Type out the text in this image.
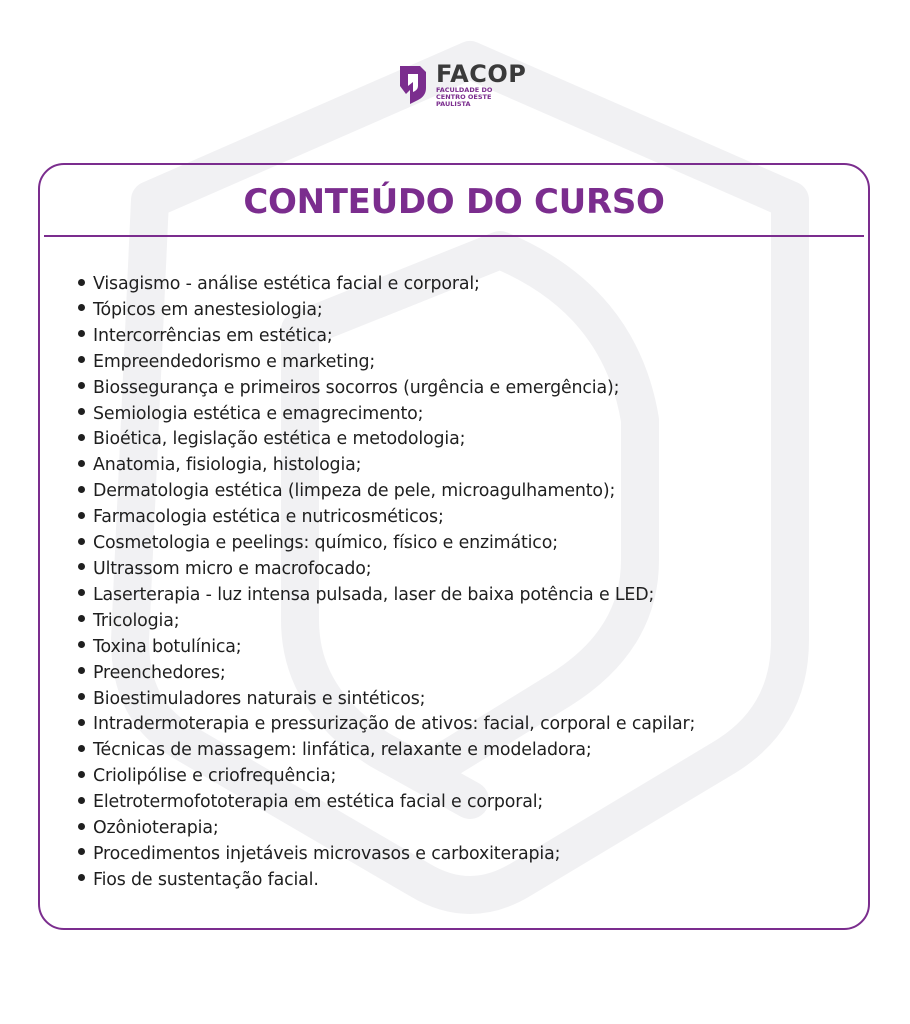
FACOP
FACULDADE DO CENTRO OESTE PAULISTA
CONTEÚDO DO CURSO
Visagismo - análise estética facial e corporal;
Tópicos em anestesiologia;
Intercorrências em estética;
Empreendedorismo e marketing;
Biossegurança e primeiros socorros (urgência e emergência);
Semiologia estética e emagrecimento;
Bioética, legislação estética e metodologia;
Anatomia, fisiologia, histologia;
Dermatologia estética (limpeza de pele, microagulhamento);
Farmacologia estética e nutricosméticos;
Cosmetologia e peelings: químico, físico e enzimático;
Ultrassom micro e macrofocado;
Laserterapia - luz intensa pulsada, laser de baixa potência e LED;
Tricologia;
Toxina botulínica;
Preenchedores;
Bioestimuladores naturais e sintéticos;
Intradermoterapia e pressurização de ativos: facial, corporal e capilar;
Técnicas de massagem: linfática, relaxante e modeladora;
Criolipólise e criofrequência;
Eletrotermofototerapia em estética facial e corporal;
Ozônioterapia;
Procedimentos injetáveis microvasos e carboxiterapia;
Fios de sustentação facial.
